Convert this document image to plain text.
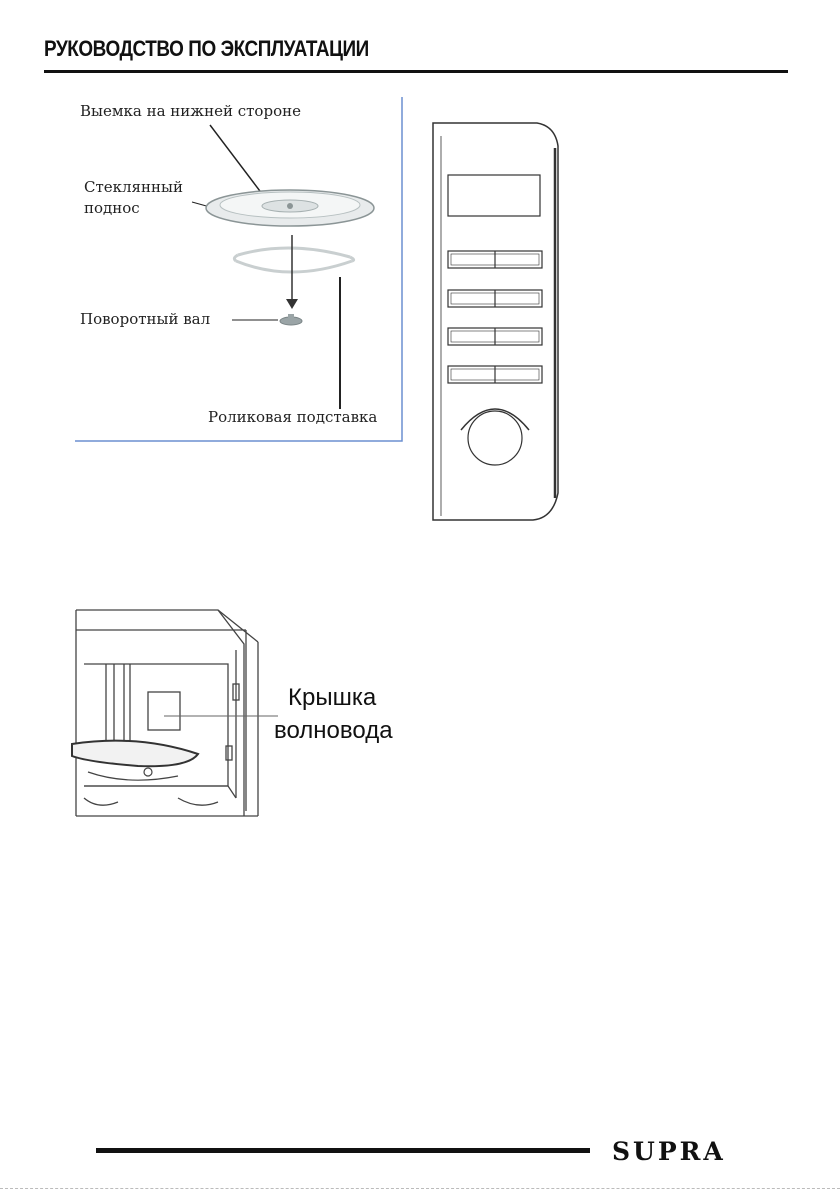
РУКОВОДСТВО ПО ЭКСПЛУАТАЦИИ
Выемка на нижней стороне
Стеклянный
поднос
Поворотный вал
Роликовая подставка
Крышка
волновода

SUPRA
